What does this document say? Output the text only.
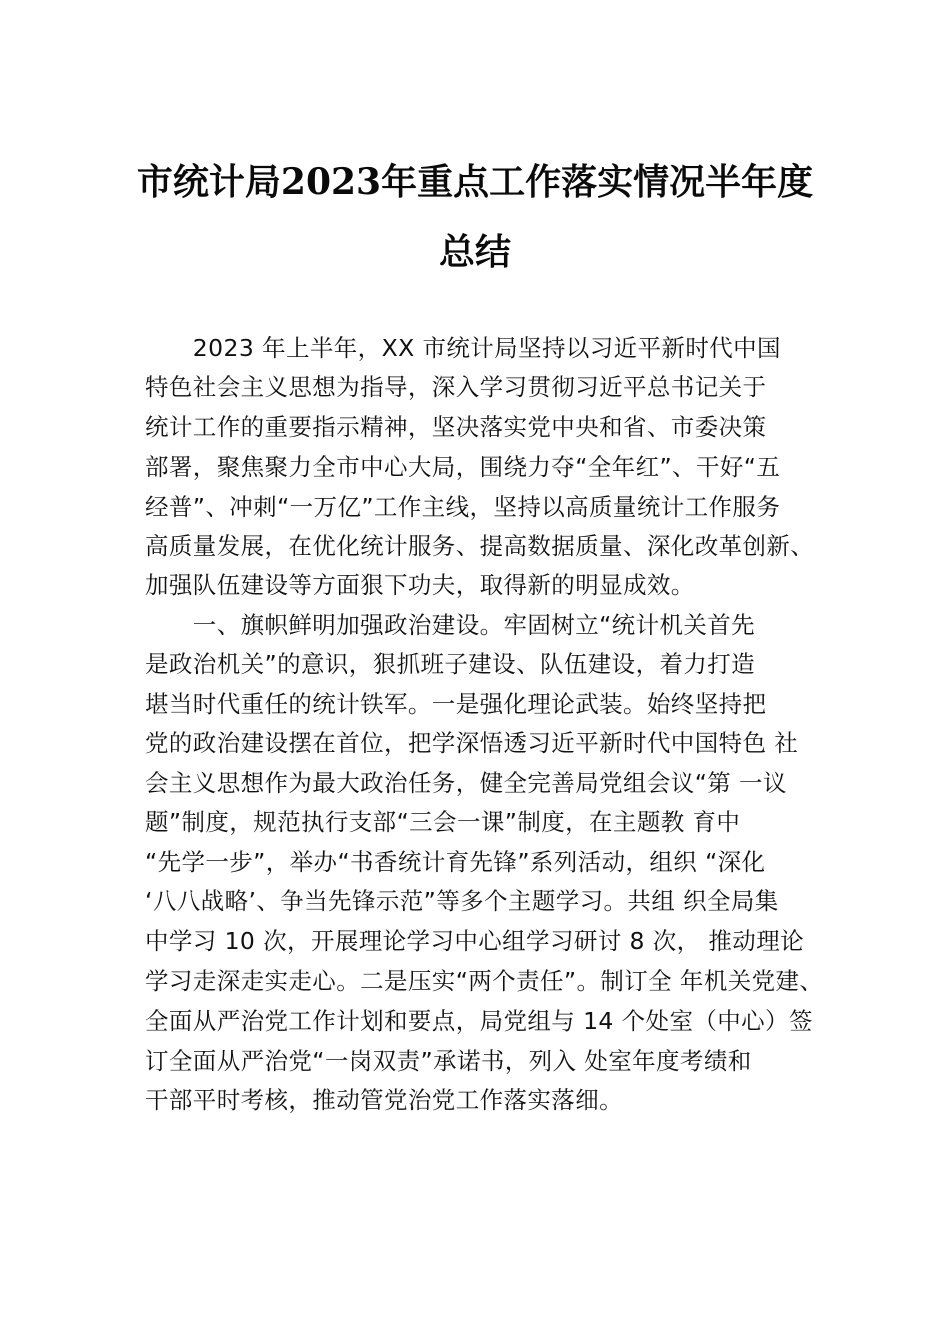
市统计局2023年重点工作落实情况半年度
总结
　　2023 年上半年，XX 市统计局坚持以习近平新时代中国
特色社会主义思想为指导，深入学习贯彻习近平总书记关于
统计工作的重要指示精神，坚决落实党中央和省、市委决策
部署，聚焦聚力全市中心大局，围绕力夺“全年红”、干好“五
经普”、冲刺“一万亿”工作主线，坚持以高质量统计工作服务
高质量发展，在优化统计服务、提高数据质量、深化改革创新、
加强队伍建设等方面狠下功夫，取得新的明显成效。
　　一、旗帜鲜明加强政治建设。牢固树立“统计机关首先
是政治机关”的意识，狠抓班子建设、队伍建设，着力打造
堪当时代重任的统计铁军。一是强化理论武装。始终坚持把
党的政治建设摆在首位，把学深悟透习近平新时代中国特色 社
会主义思想作为最大政治任务，健全完善局党组会议“第 一议
题”制度，规范执行支部“三会一课”制度，在主题教 育中
“先学一步”，举办“书香统计育先锋”系列活动，组织 “深化
‘八八战略’、争当先锋示范”等多个主题学习。共组 织全局集
中学习 10 次，开展理论学习中心组学习研讨 8 次， 推动理论
学习走深走实走心。二是压实“两个责任”。制订全 年机关党建、
全面从严治党工作计划和要点，局党组与 14 个处室（中心）签
订全面从严治党“一岗双责”承诺书，列入 处室年度考绩和
干部平时考核，推动管党治党工作落实落细。
